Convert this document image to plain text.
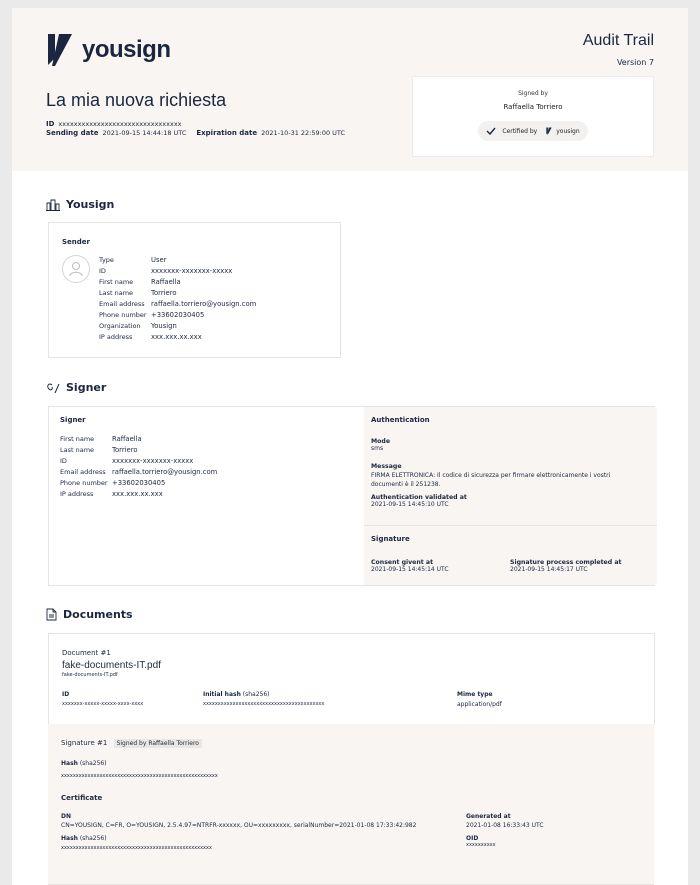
yousign	Audit Trail
Version 7
La mia nuova richiesta
ID xxxxxxxxxxxxxxxxxxxxxxxxxxxxxxxx
Sending date 2021-09-15 14:44:18 UTC Expiration date 2021-10-31 22:59:00 UTC
Signed by
Raffaella Torriero
Certified by	yousign
Yousign
Sender
Type	User
ID	xxxxxxx-xxxxxxx-xxxxx
First name	Raffaella
Last name	Torriero
Email address raffaella.torriero@yousign.com
Phone number +33602030405
Organization	Yousign
IP address	xxx.xxx.xx.xxx
Signer
Signer
First name	Raffaella
Last name	Torriero
ID	xxxxxxx-xxxxxxx-xxxxx
Email address raffaella.torriero@yousign.com
Phone number +33602030405
IP address	xxx.xxx.xx.xxx
Authentication
Mode
sms
Message
FIRMA ELETTRONICA: Il codice di sicurezza per firmare elettronicamente i vostri documenti è il 251238.
Authentication validated at
2021-09-15 14:45:10 UTC
Signature
Consent givent at
2021-09-15 14:45:14 UTC
Signature process completed at
2021-09-15 14:45:17 UTC
Documents
Document #1
fake-documents-IT.pdf
fake-documents-IT.pdf
ID
xxxxxxx-xxxxx-xxxxx-xxxx-xxxx
Initial hash (sha256)
xxxxxxxxxxxxxxxxxxxxxxxxxxxxxxxxxxxxxxxxx
Mime type
application/pdf
Signature #1 Signed by Raffaella Torriero
Hash (sha256)
xxxxxxxxxxxxxxxxxxxxxxxxxxxxxxxxxxxxxxxxxxxxxxxxxxxxx
Certificate
DN
CN=YOUSIGN, C=FR, O=YOUSIGN, 2.5.4.97=NTRFR-xxxxxx, OU=xxxxxxxxx, serialNumber=2021-01-08 17:33:42:982
Generated at
2021-01-08 16:33:43 UTC
Hash (sha256)
xxxxxxxxxxxxxxxxxxxxxxxxxxxxxxxxxxxxxxxxxxxxxxxxxxx
OID
xxxxxxxxxx
